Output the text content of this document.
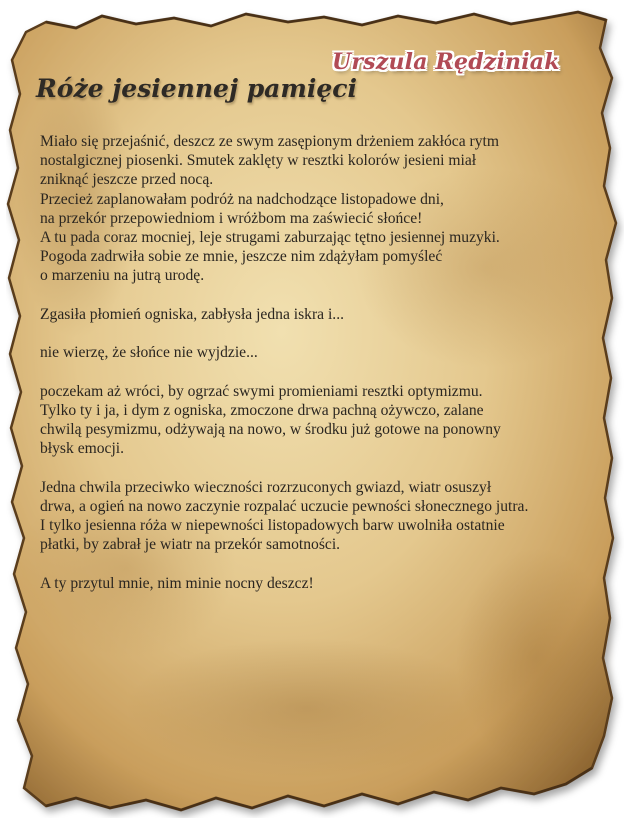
Urszula Rędziniak
Róże jesiennej pamięci
Miało się przejaśnić, deszcz ze swym zasępionym drżeniem zakłóca rytm
nostalgicznej piosenki. Smutek zaklęty w resztki kolorów jesieni miał
zniknąć jeszcze przed nocą.
Przecież zaplanowałam podróż na nadchodzące listopadowe dni,
na przekór przepowiedniom i wróżbom ma zaświecić słońce!
A tu pada coraz mocniej, leje strugami zaburzając tętno jesiennej muzyki.
Pogoda zadrwiła sobie ze mnie, jeszcze nim zdążyłam pomyśleć
o marzeniu na jutrą urodę.
Zgasiła płomień ogniska, zabłysła jedna iskra i...
nie wierzę, że słońce nie wyjdzie...
poczekam aż wróci, by ogrzać swymi promieniami resztki optymizmu.
Tylko ty i ja, i dym z ogniska, zmoczone drwa pachną ożywczo, zalane
chwilą pesymizmu, odżywają na nowo, w środku już gotowe na ponowny
błysk emocji.
Jedna chwila przeciwko wieczności rozrzuconych gwiazd, wiatr osuszył
drwa, a ogień na nowo zaczynie rozpalać uczucie pewności słonecznego jutra.
I tylko jesienna róża w niepewności listopadowych barw uwolniła ostatnie
płatki, by zabrał je wiatr na przekór samotności.
A ty przytul mnie, nim minie nocny deszcz!
